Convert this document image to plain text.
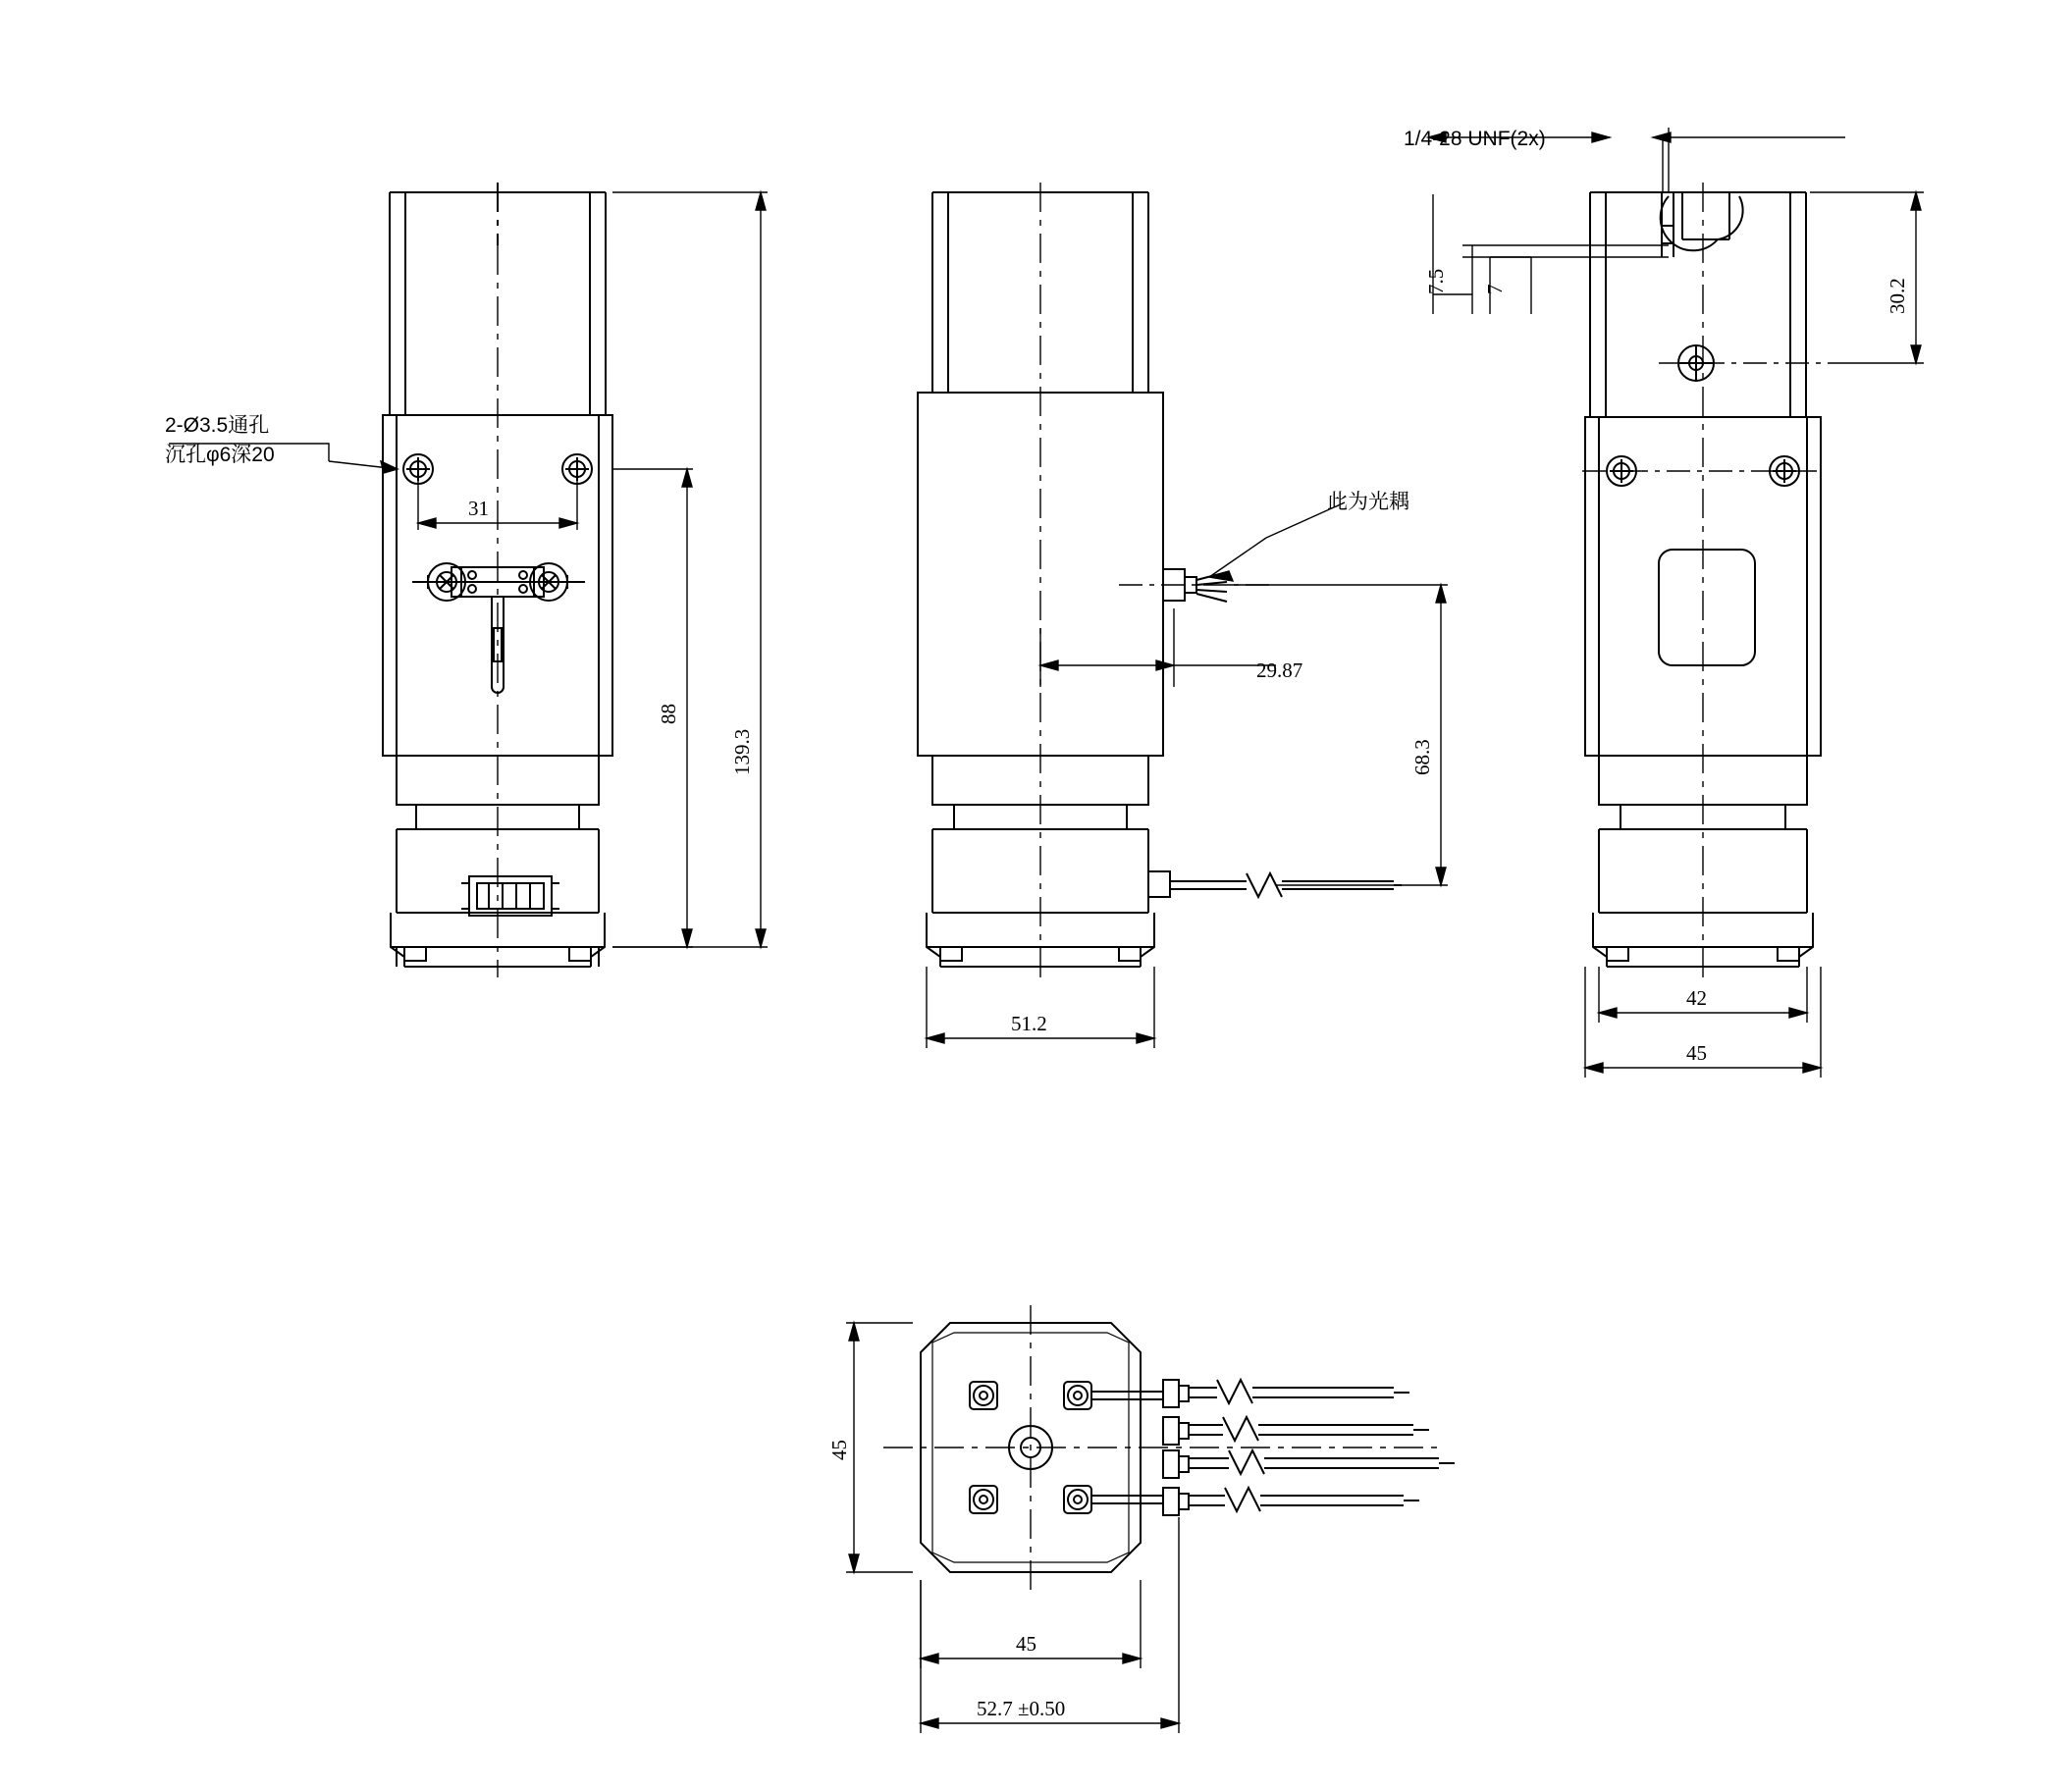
2-Ø3.5通孔
沉孔φ6深20
31
88
139.3
此为光耦
29.87
68.3
51.2
1/4-28 UNF(2x)
7.5 7	30.2
42
45
45
45
52.7 ±0.50
